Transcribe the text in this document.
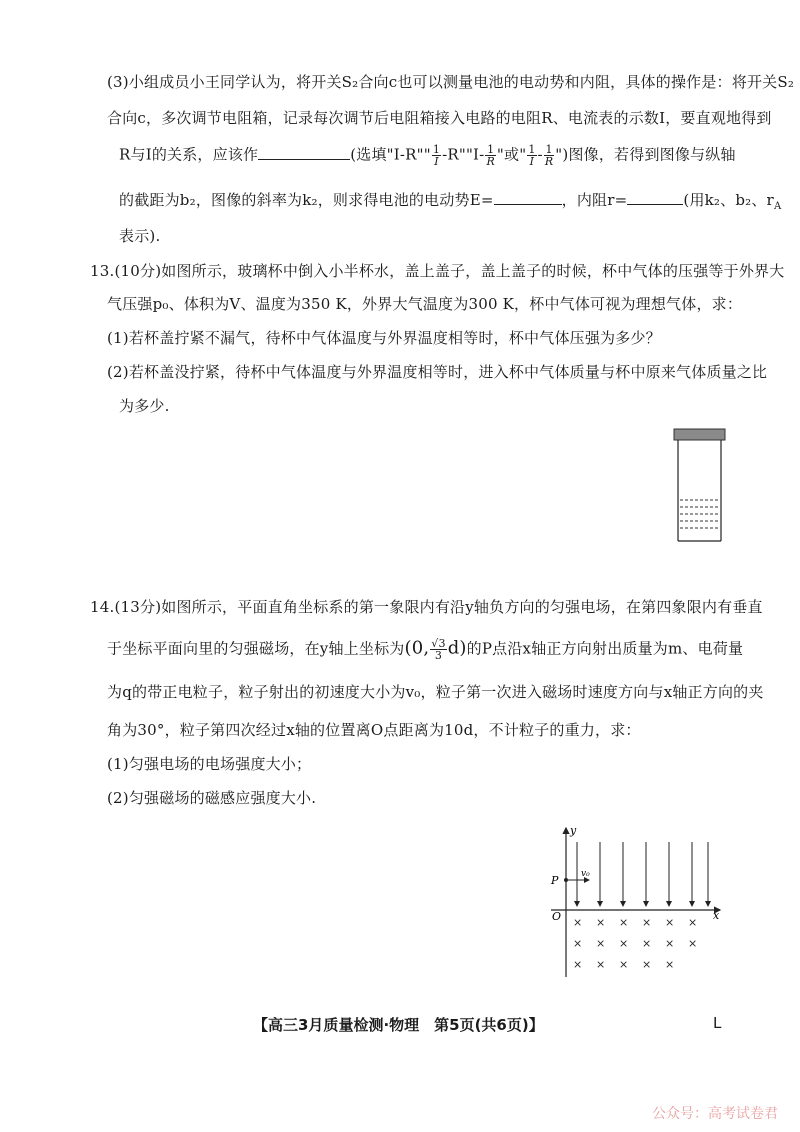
(3)小组成员小王同学认为，将开关S₂合向c也可以测量电池的电动势和内阻，具体的操作是：将开关S₂
合向c，多次调节电阻箱，记录每次调节后电阻箱接入电路的电阻R、电流表的示数I，要直观地得到
R与I的关系，应该作	(选填"I-R"" $\frac{1}{I}$ -R""I- $\frac{1}{R}$ "或" $\frac{1}{I} - \frac{1}{R}$ ")图像，若得到图像与纵轴
的截距为b₂，图像的斜率为k₂，则求得电池的电动势E=	，内阻r=	(用k₂、b₂、$r_A$
表示).
13.(10分)如图所示，玻璃杯中倒入小半杯水，盖上盖子，盖上盖子的时候，杯中气体的压强等于外界大
气压强p₀、体积为V、温度为350 K，外界大气温度为300 K，杯中气体可视为理想气体，求：
(1)若杯盖拧紧不漏气，待杯中气体温度与外界温度相等时，杯中气体压强为多少？
(2)若杯盖没拧紧，待杯中气体温度与外界温度相等时，进入杯中气体质量与杯中原来气体质量之比
为多少.
14.(13分)如图所示，平面直角坐标系的第一象限内有沿y轴负方向的匀强电场，在第四象限内有垂直
于坐标平面向里的匀强磁场，在y轴上坐标为(0, $\frac{√3}{3} d$)的P点沿x轴正方向射出质量为m、电荷量
为q的带正电粒子，粒子射出的初速度大小为v₀，粒子第一次进入磁场时速度方向与x轴正方向的夹
角为30°，粒子第四次经过x轴的位置离O点距离为10d，不计粒子的重力，求：
(1)匀强电场的电场强度大小；
(2)匀强磁场的磁感应强度大小.
y
x
O
P	v₀
× × × × × ×
× × × × × ×
× × × × ×
【高三3月质量检测·物理　第5页(共6页)】	L
公众号：高考试卷君
